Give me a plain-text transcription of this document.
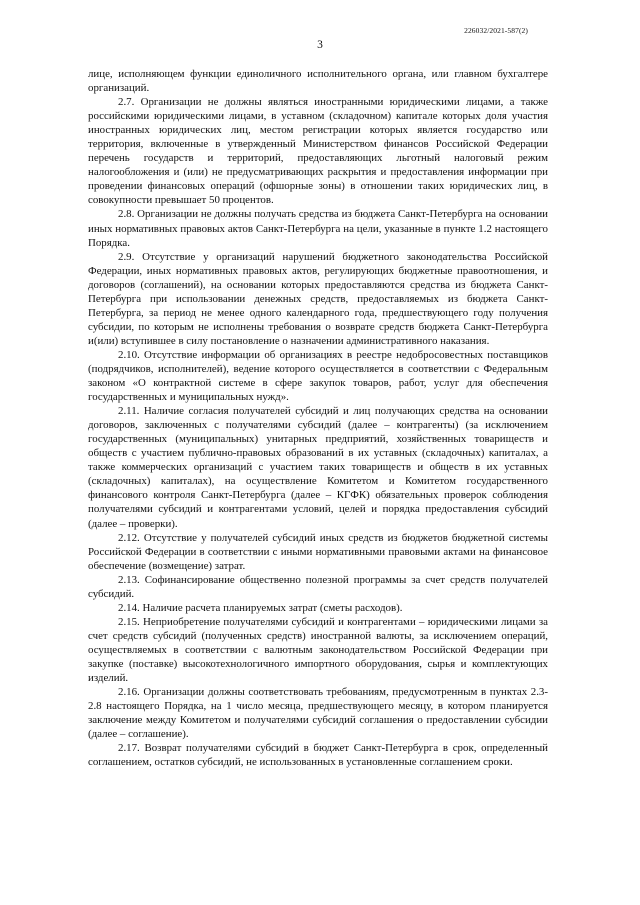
226032/2021-587(2)
3

лице, исполняющем функции единоличного исполнительного органа, или главном бухгалтере организаций.

2.7. Организации не должны являться иностранными юридическими лицами, а также российскими юридическими лицами, в уставном (складочном) капитале которых доля участия иностранных юридических лиц, местом регистрации которых является государство или территория, включенные в утвержденный Министерством финансов Российской Федерации перечень государств и территорий, предоставляющих льготный налоговый режим налогообложения и (или) не предусматривающих раскрытия и предоставления информации при проведении финансовых операций (офшорные зоны) в отношении таких юридических лиц, в совокупности превышает 50 процентов.

2.8. Организации не должны получать средства из бюджета Санкт-Петербурга на основании иных нормативных правовых актов Санкт-Петербурга на цели, указанные в пункте 1.2 настоящего Порядка.

2.9. Отсутствие у организаций нарушений бюджетного законодательства Российской Федерации, иных нормативных правовых актов, регулирующих бюджетные правоотношения, и договоров (соглашений), на основании которых предоставляются средства из бюджета Санкт-Петербурга при использовании денежных средств, предоставляемых из бюджета Санкт-Петербурга, за период не менее одного календарного года, предшествующего году получения субсидии, по которым не исполнены требования о возврате средств бюджета Санкт-Петербурга и(или) вступившее в силу постановление о назначении административного наказания.

2.10. Отсутствие информации об организациях в реестре недобросовестных поставщиков (подрядчиков, исполнителей), ведение которого осуществляется в соответствии с Федеральным законом «О контрактной системе в сфере закупок товаров, работ, услуг для обеспечения государственных и муниципальных нужд».

2.11. Наличие согласия получателей субсидий и лиц получающих средства на основании договоров, заключенных с получателями субсидий (далее – контрагенты) (за исключением государственных (муниципальных) унитарных предприятий, хозяйственных товариществ и обществ с участием публично-правовых образований в их уставных (складочных) капиталах, а также коммерческих организаций с участием таких товариществ и обществ в их уставных (складочных) капиталах), на осуществление Комитетом и Комитетом государственного финансового контроля Санкт-Петербурга (далее – КГФК) обязательных проверок соблюдения получателями субсидий и контрагентами условий, целей и порядка предоставления субсидий (далее – проверки).

2.12. Отсутствие у получателей субсидий иных средств из бюджетов бюджетной системы Российской Федерации в соответствии с иными нормативными правовыми актами на финансовое обеспечение (возмещение) затрат.

2.13. Софинансирование общественно полезной программы за счет средств получателей субсидий.

2.14. Наличие расчета планируемых затрат (сметы расходов).

2.15. Неприобретение получателями субсидий и контрагентами – юридическими лицами за счет средств субсидий (полученных средств) иностранной валюты, за исключением операций, осуществляемых в соответствии с валютным законодательством Российской Федерации при закупке (поставке) высокотехнологичного импортного оборудования, сырья и комплектующих изделий.

2.16. Организации должны соответствовать требованиям, предусмотренным в пунктах 2.3-2.8 настоящего Порядка, на 1 число месяца, предшествующего месяцу, в котором планируется заключение между Комитетом и получателями субсидий соглашения о предоставлении субсидии (далее – соглашение).

2.17. Возврат получателями субсидий в бюджет Санкт-Петербурга в срок, определенный соглашением, остатков субсидий, не использованных в установленные соглашением сроки.
